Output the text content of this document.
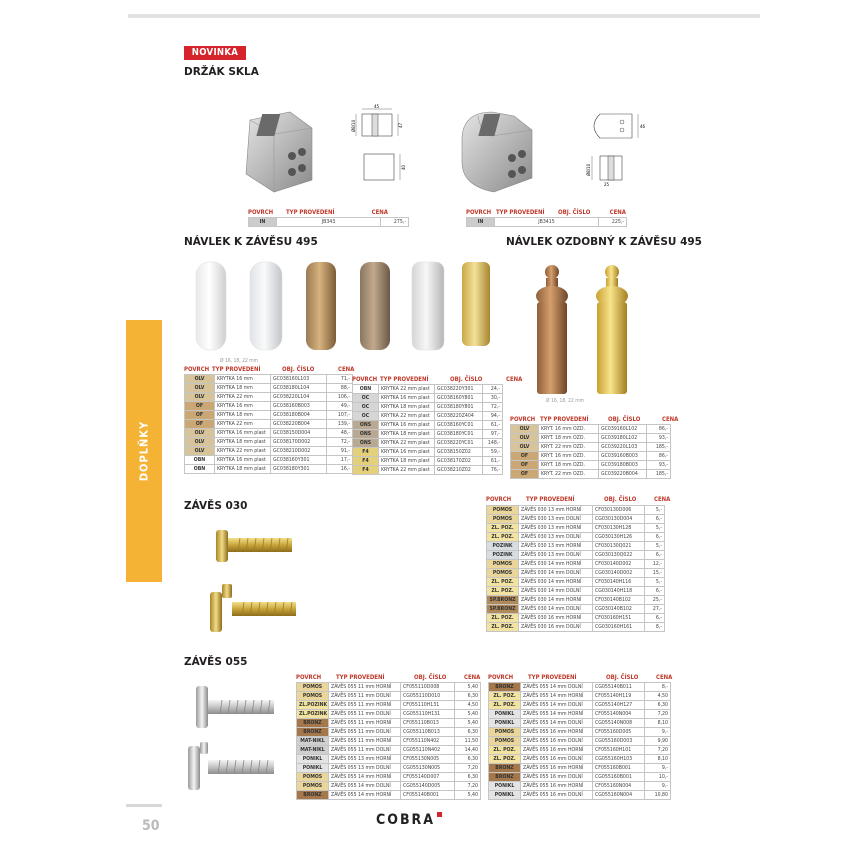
NOVINKA
DRŽÁK SKLA
45
Ø8/10	47
40
46
Ø8/10
25
POVRCH	TYP PROVEDENÍ	CENA
IN	JB343	275,-
POVRCH TYP PROVEDENÍ	OBJ. ČÍSLO	CENA
IN	JB3415	225,-
DOPLŇKY
NÁVLEK K ZÁVĚSU 495
Ø 16, 18, 22 mm
POVRCH TYP PROVEDENÍ	OBJ. ČÍSLO	CENA
OLV	KRYTKA 16 mm	GC038160L103	71,-
OLV	KRYTKA 18 mm	GC038180L104	88,-
OLV	KRYTKA 22 mm	GC038220L104	106,-
OF	KRYTKA 16 mm	GC038160B003	49,-
OF	KRYTKA 18 mm	GC038180B004	107,-
OF	KRYTKA 22 mm	GC038220B004	139,-
OLV	KRYTKA 16 mm plast	GC038150D004	48,-
OLV	KRYTKA 18 mm plast	GC038170D002	72,-
OLV	KRYTKA 22 mm plast	GC038210D002	91,-
OBN	KRYTKA 16 mm plast	GC038160Y301	17,-
OBN	KRYTKA 18 mm plast	GC038180Y301	16,-
POVRCH TYP PROVEDENÍ	OBJ. ČÍSLO	CENA
OBN	KRYTKA 22 mm plast	GC038220Y301	24,-
OC	KRYTKA 16 mm plast	GC038160Y801	30,-
OC	KRYTKA 18 mm plast	GC038180Y801	72,-
OC	KRYTKA 22 mm plast	GC038220Z404	94,-
ONS	KRYTKA 16 mm plast	GC038160YC01	61,-
ONS	KRYTKA 18 mm plast	GC038180YC01	97,-
ONS	KRYTKA 22 mm plast	GC038220YC01	148,-
F4	KRYTKA 16 mm plast	GC038150Z02	59,-
F4	KRYTKA 18 mm plast	GC038170Z02	61,-
F4	KRYTKA 22 mm plast	GC038210Z02	76,-
NÁVLEK OZDOBNÝ K ZÁVĚSU 495
Ø 16, 18, 22 mm
POVRCH TYP PROVEDENÍ	OBJ. ČÍSLO	CENA
OLV	KRYT. 16 mm OZD.	GC039160L102	86,-
OLV	KRYT. 18 mm OZD.	GC039180L102	93,-
OLV	KRYT. 22 mm OZD.	GC039220L103	185,-
OF	KRYT. 16 mm OZD.	GC039160B003	86,-
OF	KRYT. 18 mm OZD.	GC039180B003	93,-
OF	KRYT. 22 mm OZD.	GC039220B004	185,-
ZÁVĚS 030
POVRCH	TYP PROVEDENÍ	OBJ. ČÍSLO	CENA
POMOS	ZÁVĚS 030 13 mm HORNÍ	CF030130D006	5,-
POMOS	ZÁVĚS 030 13 mm DOLNÍ	CG030130D004	6,-
ZL. POZ.	ZÁVĚS 030 13 mm HORNÍ	CF030130H128	5,-
ZL. POZ.	ZÁVĚS 030 13 mm DOLNÍ	CG030130H126	6,-
POZINK	ZÁVĚS 030 13 mm HORNÍ	CF030130Q021	5,-
POZINK	ZÁVĚS 030 13 mm DOLNÍ	CG030130Q022	6,-
POMOS	ZÁVĚS 030 14 mm HORNÍ	CF030140D002	12,-
POMOS	ZÁVĚS 030 14 mm DOLNÍ	CG030140D002	15,-
ZL. POZ.	ZÁVĚS 030 14 mm HORNÍ	CF030140H116	5,-
ZL. POZ.	ZÁVĚS 030 14 mm DOLNÍ	CG030140H118	6,-
SP.BRONZ	ZÁVĚS 030 14 mm HORNÍ	CF030140B102	25,-
SP.BRONZ	ZÁVĚS 030 14 mm DOLNÍ	CG030140B102	27,-
ZL. POZ.	ZÁVĚS 030 16 mm HORNÍ	CF030160H151	6,-
ZL. POZ.	ZÁVĚS 030 16 mm DOLNÍ	CG030160H161	8,-
ZÁVĚS 055
POVRCH	TYP PROVEDENÍ	OBJ. ČÍSLO	CENA
POMOS	ZÁVĚS 055 11 mm HORNÍ	CF055110D008	5,40
POMOS	ZÁVĚS 055 11 mm DOLNÍ	CG055110D010	6,30
ZL.POZINK	ZÁVĚS 055 11 mm HORNÍ	CF055110H131	4,50
ZL.POZINK	ZÁVĚS 055 11 mm DOLNÍ	CG055110H131	5,40
BRONZ	ZÁVĚS 055 11 mm HORNÍ	CF055110B013	5,40
BRONZ	ZÁVĚS 055 11 mm DOLNÍ	CG055110B013	6,30
MAT-NIKL	ZÁVĚS 055 11 mm HORNÍ	CF055110N402	11,50
MAT-NIKL	ZÁVĚS 055 11 mm DOLNÍ	CG055110N402	14,40
PONIKL	ZÁVĚS 055 13 mm HORNÍ	CF055130N005	6,30
PONIKL	ZÁVĚS 055 13 mm DOLNÍ	CG055130N005	7,20
POMOS	ZÁVĚS 055 14 mm HORNÍ	CF055140D007	6,30
POMOS	ZÁVĚS 055 14 mm DOLNÍ	CG055140D005	7,20
BRONZ	ZÁVĚS 055 14 mm HORNÍ	CF055140B001	5,40
POVRCH	TYP PROVEDENÍ	OBJ. ČÍSLO	CENA
BRONZ	ZÁVĚS 055 14 mm DOLNÍ	CG055140B011	8,-
ZL. POZ.	ZÁVĚS 055 14 mm HORNÍ	CF055140H119	4,50
ZL. POZ.	ZÁVĚS 055 14 mm DOLNÍ	CG055140H127	6,30
PONIKL	ZÁVĚS 055 14 mm HORNÍ	CF055140N004	7,20
PONIKL	ZÁVĚS 055 14 mm DOLNÍ	CG055140N008	8,10
POMOS	ZÁVĚS 055 16 mm HORNÍ	CF055160D005	9,-
POMOS	ZÁVĚS 055 16 mm DOLNÍ	CG055160D003	9,90
ZL. POZ.	ZÁVĚS 055 16 mm HORNÍ	CF055160H101	7,20
ZL. POZ.	ZÁVĚS 055 16 mm DOLNÍ	CG055160H103	8,10
BRONZ	ZÁVĚS 055 16 mm HORNÍ	CF055160B001	9,-
BRONZ	ZÁVĚS 055 16 mm DOLNÍ	CG055160B001	10,-
PONIKL	ZÁVĚS 055 16 mm HORNÍ	CF055160N004	9,-
PONIKL	ZÁVĚS 055 16 mm DOLNÍ	CG055160N004	10,80
50	COBRA
